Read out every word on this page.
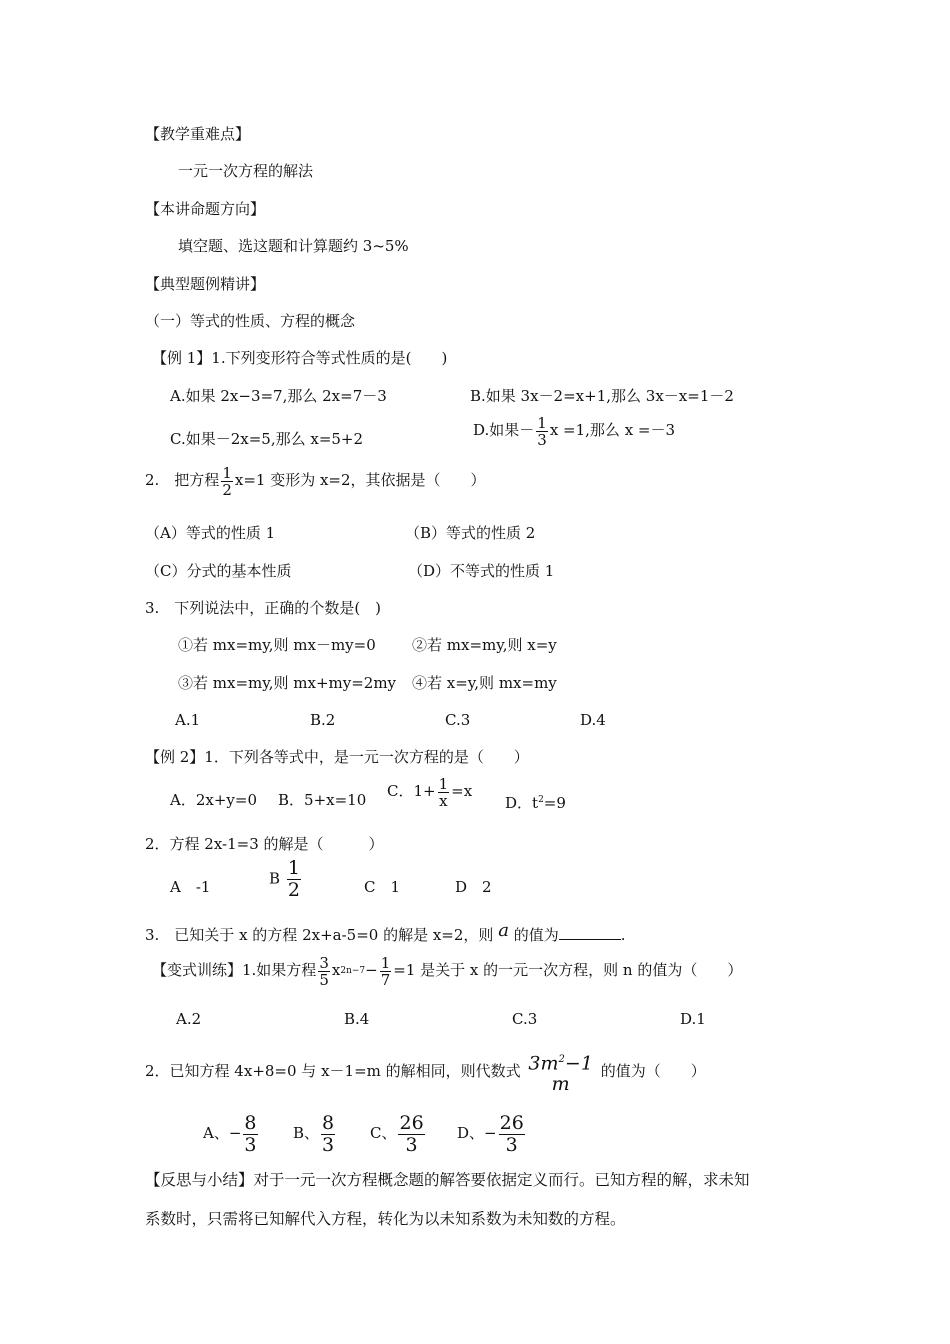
【教学重难点】
一元一次方程的解法
【本讲命题方向】
填空题、选这题和计算题约 3~5%
【典型题例精讲】
（一）等式的性质、方程的概念
【例 1】1.下列变形符合等式性质的是(　　)
A.如果 2x−3=7,那么 2x=7－3	B.如果 3x－2=x+1,那么 3x－x=1－2
C.如果－2x=5,那么 x=5+2	D.如果－ $\frac{1}{3}$ x =1,那么 x =－3
2.　把方程 $\frac{1}{2} x=1$ 变形为 x=2，其依据是（　　）
（A）等式的性质 1	（B）等式的性质 2
（C）分式的基本性质	（D）不等式的性质 1
3.　下列说法中，正确的个数是(　)
①若 mx=my,则 mx－my=0 ②若 mx=my,则 x=y
③若 mx=my,则 mx+my=2my ④若 x=y,则 mx=my
A.1	B.2	C.3	D.4
【例 2】1．下列各等式中，是一元一次方程的是（　　）
A．2x+y=0 B．5+x=10 C．$1+ \frac{1}{x} =x$
D．$t^2=9$
2．方程 2x-1=3 的解是（　　　）
A　-1	B $\frac{1}{2}$	C　1	D　2
3.　已知关于 x 的方程 2x+a-5=0 的解是 x=2，则 a 的值为	.
【变式训练】1.如果方程 $\frac{3}{5} x2n-7- \frac{1}{7} =1$ 是关于 x 的一元一次方程，则 n 的值为（　　）
A.2	B.4	C.3	D.1
2．已知方程 4x+8=0 与 x－1=m 的解相同，则代数式 $3m^2-1$
m
的值为（　　）
A、− $\frac{8}{3}$ B、 $\frac{8}{3}$ C、 $\frac{26}{3}$ D、− $\frac{26}{3}$
【反思与小结】对于一元一次方程概念题的解答要依据定义而行。已知方程的解，求未知
系数时，只需将已知解代入方程，转化为以未知系数为未知数的方程。
